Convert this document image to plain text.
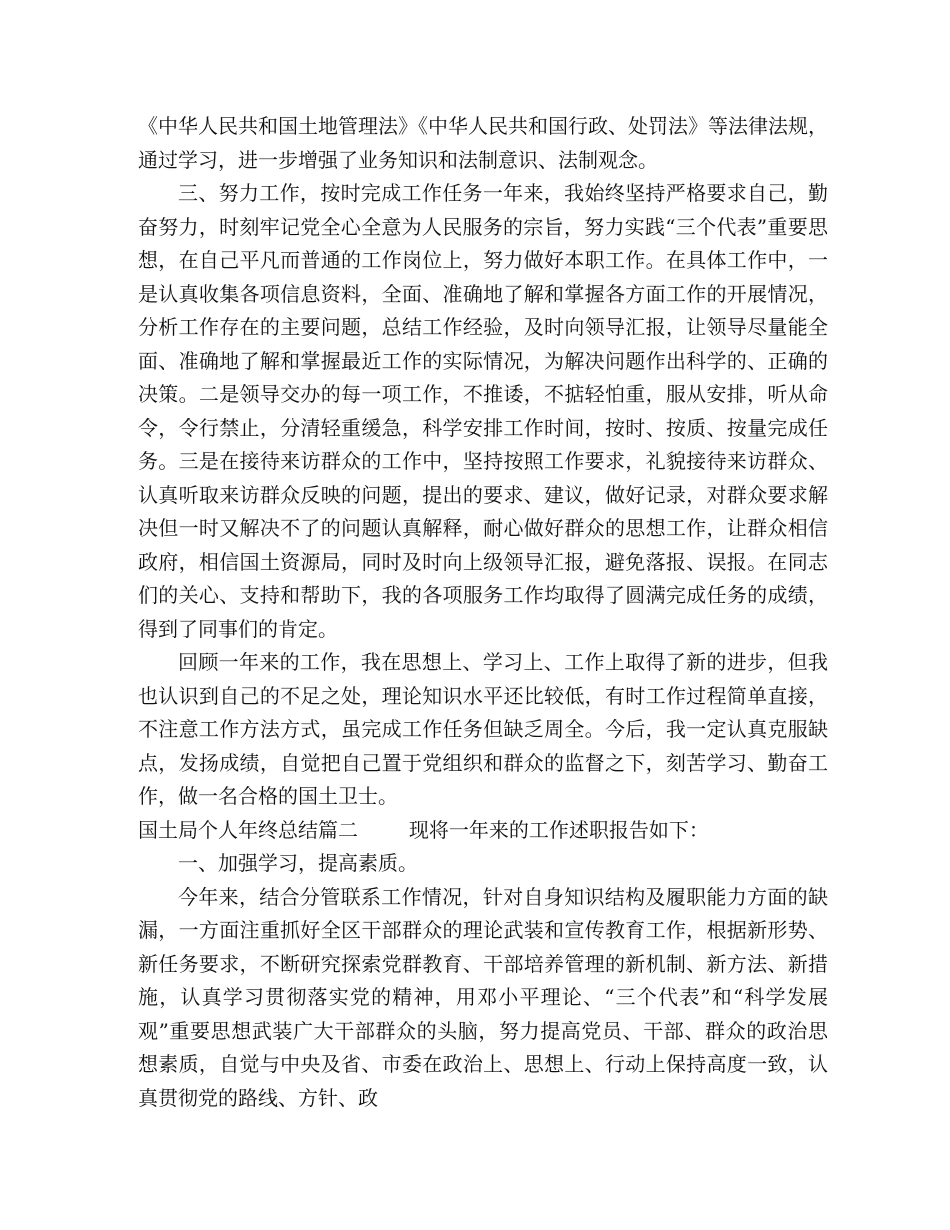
《中华人民共和国土地管理法》《中华人民共和国行政、处罚法》等法律法规，通过学习，进一步增强了业务知识和法制意识、法制观念。

三、努力工作，按时完成工作任务一年来，我始终坚持严格要求自己，勤奋努力，时刻牢记党全心全意为人民服务的宗旨，努力实践“三个代表”重要思想，在自己平凡而普通的工作岗位上，努力做好本职工作。在具体工作中，一是认真收集各项信息资料，全面、准确地了解和掌握各方面工作的开展情况，分析工作存在的主要问题，总结工作经验，及时向领导汇报，让领导尽量能全面、准确地了解和掌握最近工作的实际情况，为解决问题作出科学的、正确的决策。二是领导交办的每一项工作，不推诿，不掂轻怕重，服从安排，听从命令，令行禁止，分清轻重缓急，科学安排工作时间，按时、按质、按量完成任务。三是在接待来访群众的工作中，坚持按照工作要求，礼貌接待来访群众、认真听取来访群众反映的问题，提出的要求、建议，做好记录，对群众要求解决但一时又解决不了的问题认真解释，耐心做好群众的思想工作，让群众相信政府，相信国土资源局，同时及时向上级领导汇报，避免落报、误报。在同志们的关心、支持和帮助下，我的各项服务工作均取得了圆满完成任务的成绩，得到了同事们的肯定。

回顾一年来的工作，我在思想上、学习上、工作上取得了新的进步，但我也认识到自己的不足之处，理论知识水平还比较低，有时工作过程简单直接，不注意工作方法方式，虽完成工作任务但缺乏周全。今后，我一定认真克服缺点，发扬成绩，自觉把自己置于党组织和群众的监督之下，刻苦学习、勤奋工作，做一名合格的国土卫士。

国土局个人年终总结篇二	现将一年来的工作述职报告如下：

一、加强学习，提高素质。

今年来，结合分管联系工作情况，针对自身知识结构及履职能力方面的缺漏，一方面注重抓好全区干部群众的理论武装和宣传教育工作，根据新形势、新任务要求，不断研究探索党群教育、干部培养管理的新机制、新方法、新措施，认真学习贯彻落实党的精神，用邓小平理论、“三个代表”和“科学发展观”重要思想武装广大干部群众的头脑，努力提高党员、干部、群众的政治思想素质，自觉与中央及省、市委在政治上、思想上、行动上保持高度一致，认真贯彻党的路线、方针、政
